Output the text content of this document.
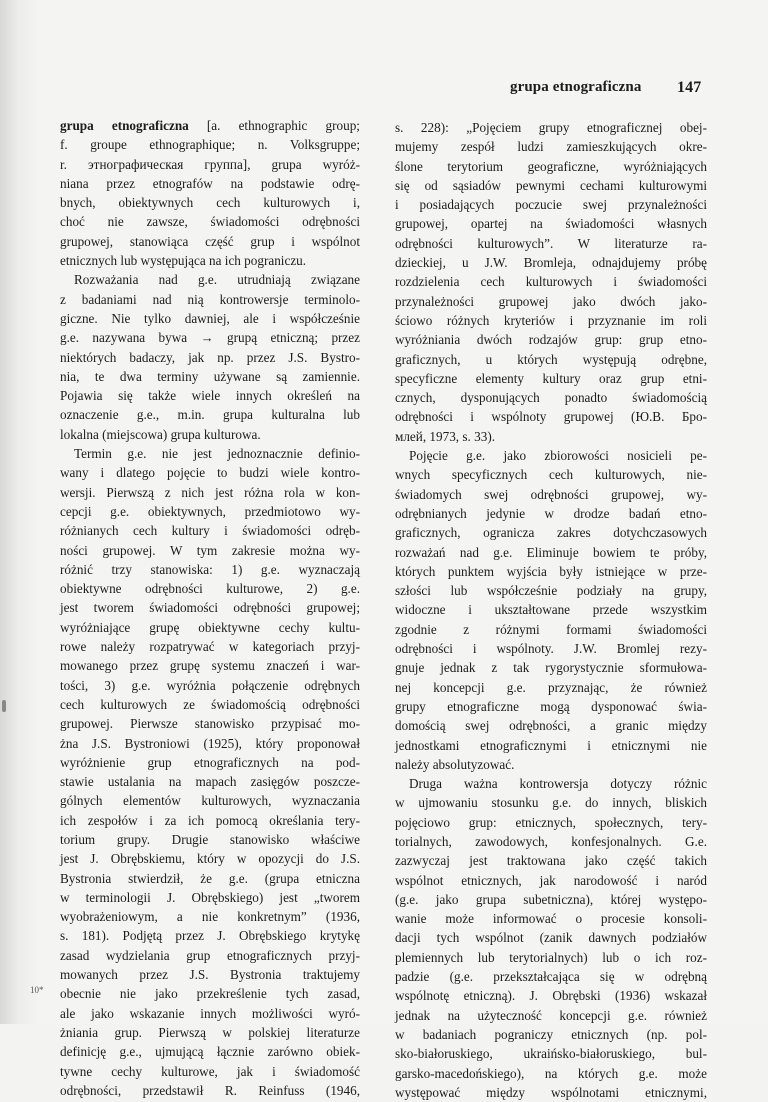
grupa etnograficzna 147
grupa etnograficzna [a. ethnographic group;
f. groupe ethnographique; n. Volksgruppe;
r. этнографическая группа], grupa wyróż-
niana przez etnografów na podstawie odrę-
bnych, obiektywnych cech kulturowych i,
choć nie zawsze, świadomości odrębności
grupowej, stanowiąca część grup i wspólnot
etnicznych lub występująca na ich pograniczu.
Rozważania nad g.e. utrudniają związane
z badaniami nad nią kontrowersje terminolo-
giczne. Nie tylko dawniej, ale i współcześnie
g.e. nazywana bywa → grupą etniczną; przez
niektórych badaczy, jak np. przez J.S. Bystro-
nia, te dwa terminy używane są zamiennie.
Pojawia się także wiele innych określeń na
oznaczenie g.e., m.in. grupa kulturalna lub
lokalna (miejscowa) grupa kulturowa.
Termin g.e. nie jest jednoznacznie definio-
wany i dlatego pojęcie to budzi wiele kontro-
wersji. Pierwszą z nich jest różna rola w kon-
cepcji g.e. obiektywnych, przedmiotowo wy-
różnianych cech kultury i świadomości odręb-
ności grupowej. W tym zakresie można wy-
różnić trzy stanowiska: 1) g.e. wyznaczają
obiektywne odrębności kulturowe, 2) g.e.
jest tworem świadomości odrębności grupowej;
wyróżniające grupę obiektywne cechy kultu-
rowe należy rozpatrywać w kategoriach przyj-
mowanego przez grupę systemu znaczeń i war-
tości, 3) g.e. wyróżnia połączenie odrębnych
cech kulturowych ze świadomością odrębności
grupowej. Pierwsze stanowisko przypisać mo-
żna J.S. Bystroniowi (1925), który proponował
wyróżnienie grup etnograficznych na pod-
stawie ustalania na mapach zasięgów poszcze-
gólnych elementów kulturowych, wyznaczania
ich zespołów i za ich pomocą określania tery-
torium grupy. Drugie stanowisko właściwe
jest J. Obrębskiemu, który w opozycji do J.S.
Bystronia stwierdził, że g.e. (grupa etniczna
w terminologii J. Obrębskiego) jest „tworem
wyobrażeniowym, a nie konkretnym” (1936,
s. 181). Podjętą przez J. Obrębskiego krytykę
zasad wydzielania grup etnograficznych przyj-
mowanych przez J.S. Bystronia traktujemy
obecnie nie jako przekreślenie tych zasad,
ale jako wskazanie innych możliwości wyró-
żniania grup. Pierwszą w polskiej literaturze
definicję g.e., ujmującą łącznie zarówno obiek-
tywne cechy kulturowe, jak i świadomość
odrębności, przedstawił R. Reinfuss (1946,
s. 228): „Pojęciem grupy etnograficznej obej-
mujemy zespół ludzi zamieszkujących okre-
ślone terytorium geograficzne, wyróżniających
się od sąsiadów pewnymi cechami kulturowymi
i posiadających poczucie swej przynależności
grupowej, opartej na świadomości własnych
odrębności kulturowych”. W literaturze ra-
dzieckiej, u J.W. Bromleja, odnajdujemy próbę
rozdzielenia cech kulturowych i świadomości
przynależności grupowej jako dwóch jako-
ściowo różnych kryteriów i przyznanie im roli
wyróżniania dwóch rodzajów grup: grup etno-
graficznych, u których występują odrębne,
specyficzne elementy kultury oraz grup etni-
cznych, dysponujących ponadto świadomością
odrębności i wspólnoty grupowej (Ю.В. Бро-
млей, 1973, s. 33).
Pojęcie g.e. jako zbiorowości nosicieli pe-
wnych specyficznych cech kulturowych, nie-
świadomych swej odrębności grupowej, wy-
odrębnianych jedynie w drodze badań etno-
graficznych, ogranicza zakres dotychczasowych
rozważań nad g.e. Eliminuje bowiem te próby,
których punktem wyjścia były istniejące w prze-
szłości lub współcześnie podziały na grupy,
widoczne i ukształtowane przede wszystkim
zgodnie z różnymi formami świadomości
odrębności i wspólnoty. J.W. Bromlej rezy-
gnuje jednak z tak rygorystycznie sformułowa-
nej koncepcji g.e. przyznając, że również
grupy etnograficzne mogą dysponować świa-
domością swej odrębności, a granic między
jednostkami etnograficznymi i etnicznymi nie
należy absolutyzować.
Druga ważna kontrowersja dotyczy różnic
w ujmowaniu stosunku g.e. do innych, bliskich
pojęciowo grup: etnicznych, społecznych, tery-
torialnych, zawodowych, konfesjonalnych. G.e.
zazwyczaj jest traktowana jako część takich
wspólnot etnicznych, jak narodowość i naród
(g.e. jako grupa subetniczna), której występo-
wanie może informować o procesie konsoli-
dacji tych wspólnot (zanik dawnych podziałów
plemiennych lub terytorialnych) lub o ich roz-
padzie (g.e. przekształcająca się w odrębną
wspólnotę etniczną). J. Obrębski (1936) wskazał
jednak na użyteczność koncepcji g.e. również
w badaniach pograniczy etnicznych (np. pol-
sko-białoruskiego, ukraińsko-białoruskiego, bul-
garsko-macedońskiego), na których g.e. może
występować między wspólnotami etnicznymi,
10*
